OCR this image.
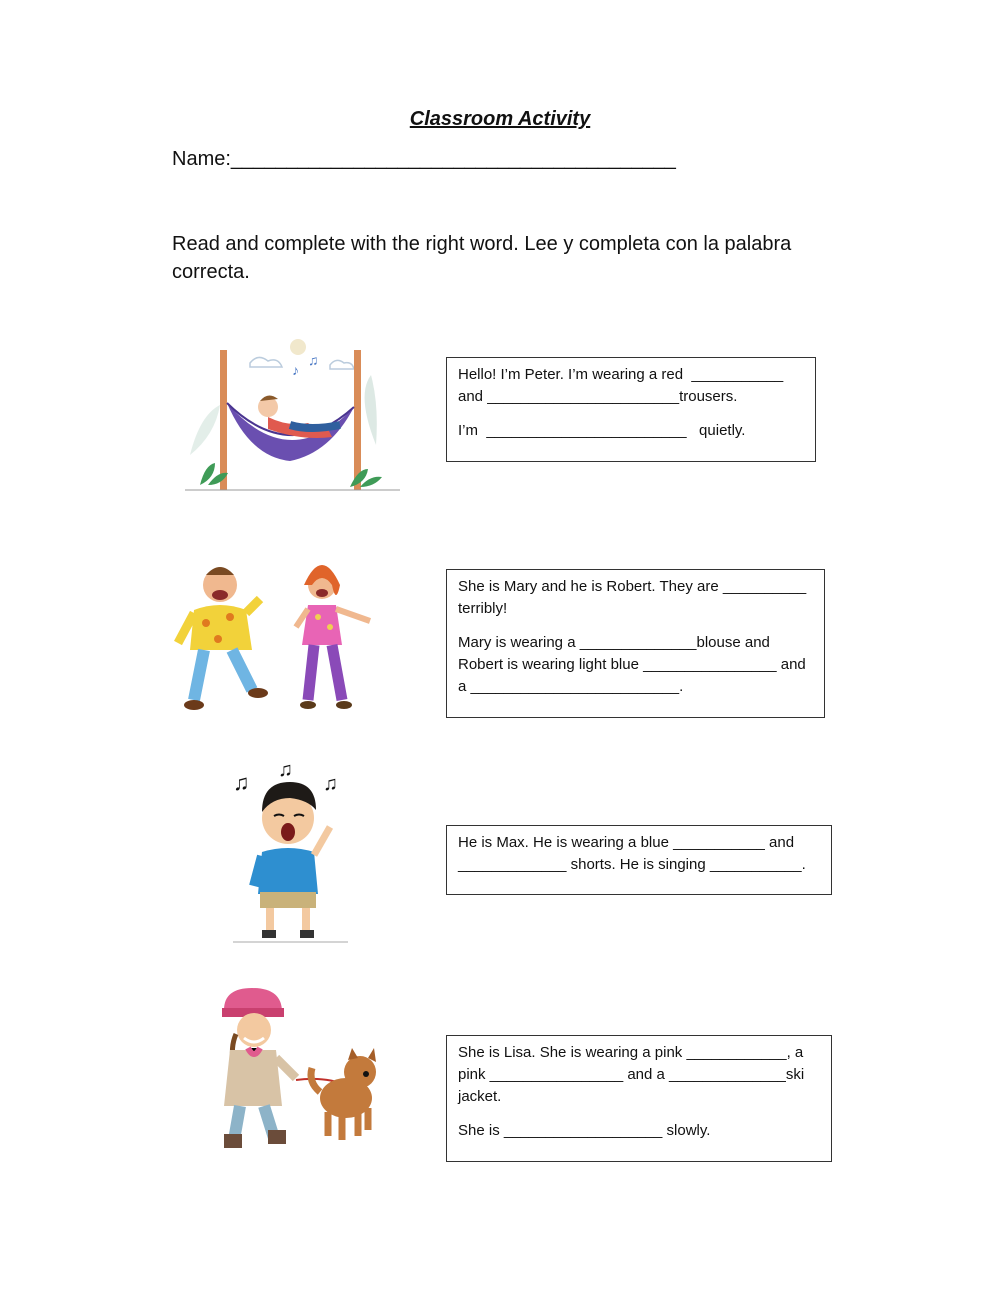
Classroom Activity
Name:________________________________________
Read and complete with the right word. Lee y completa con la palabra correcta.
♪
♫

Hello! I’m Peter. I’m wearing a red  ___________ and _______________________trousers.

I’m  ________________________   quietly.

She is Mary and he is Robert. They are __________ terribly!

Mary is wearing a ______________blouse and Robert is wearing light blue ________________ and a _________________________.

♫ ♫
♫

He is Max. He is wearing a blue ___________ and _____________ shorts. He is singing ___________.

She is Lisa. She is wearing a pink ____________, a pink ________________ and a ______________ski jacket.

She is ___________________ slowly.
